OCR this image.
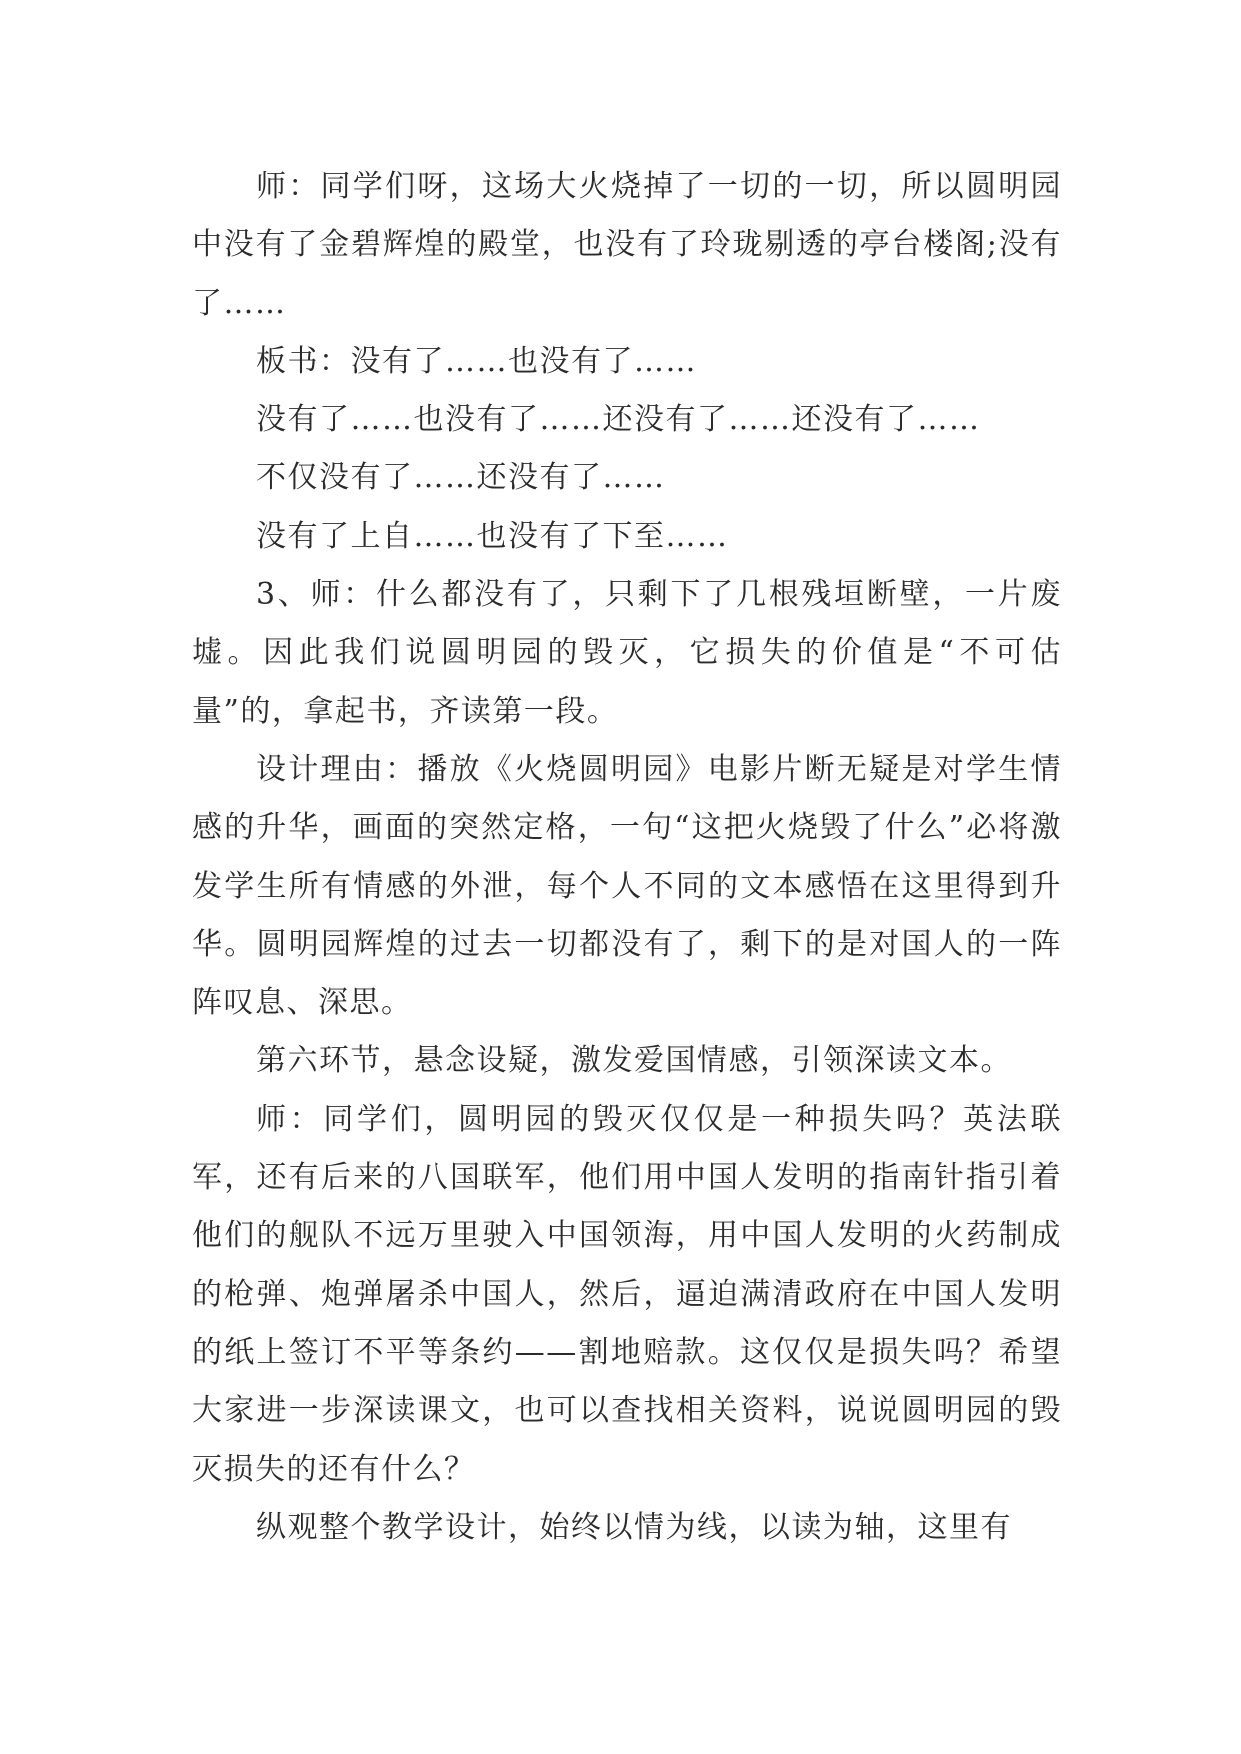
师：同学们呀，这场大火烧掉了一切的一切，所以圆明园中没有了金碧辉煌的殿堂，也没有了玲珑剔透的亭台楼阁;没有了……

板书：没有了……也没有了……

没有了……也没有了……还没有了……还没有了……

不仅没有了……还没有了……

没有了上自……也没有了下至……

3、师：什么都没有了，只剩下了几根残垣断壁，一片废墟。因此我们说圆明园的毁灭，它损失的价值是“不可估量”的，拿起书，齐读第一段。

设计理由：播放《火烧圆明园》电影片断无疑是对学生情感的升华，画面的突然定格，一句“这把火烧毁了什么”必将激发学生所有情感的外泄，每个人不同的文本感悟在这里得到升华。圆明园辉煌的过去一切都没有了，剩下的是对国人的一阵阵叹息、深思。

第六环节，悬念设疑，激发爱国情感，引领深读文本。

师：同学们，圆明园的毁灭仅仅是一种损失吗？英法联军，还有后来的八国联军，他们用中国人发明的指南针指引着他们的舰队不远万里驶入中国领海，用中国人发明的火药制成的枪弹、炮弹屠杀中国人，然后，逼迫满清政府在中国人发明的纸上签订不平等条约——割地赔款。这仅仅是损失吗？希望大家进一步深读课文，也可以查找相关资料，说说圆明园的毁灭损失的还有什么？

纵观整个教学设计，始终以情为线，以读为轴，这里有
